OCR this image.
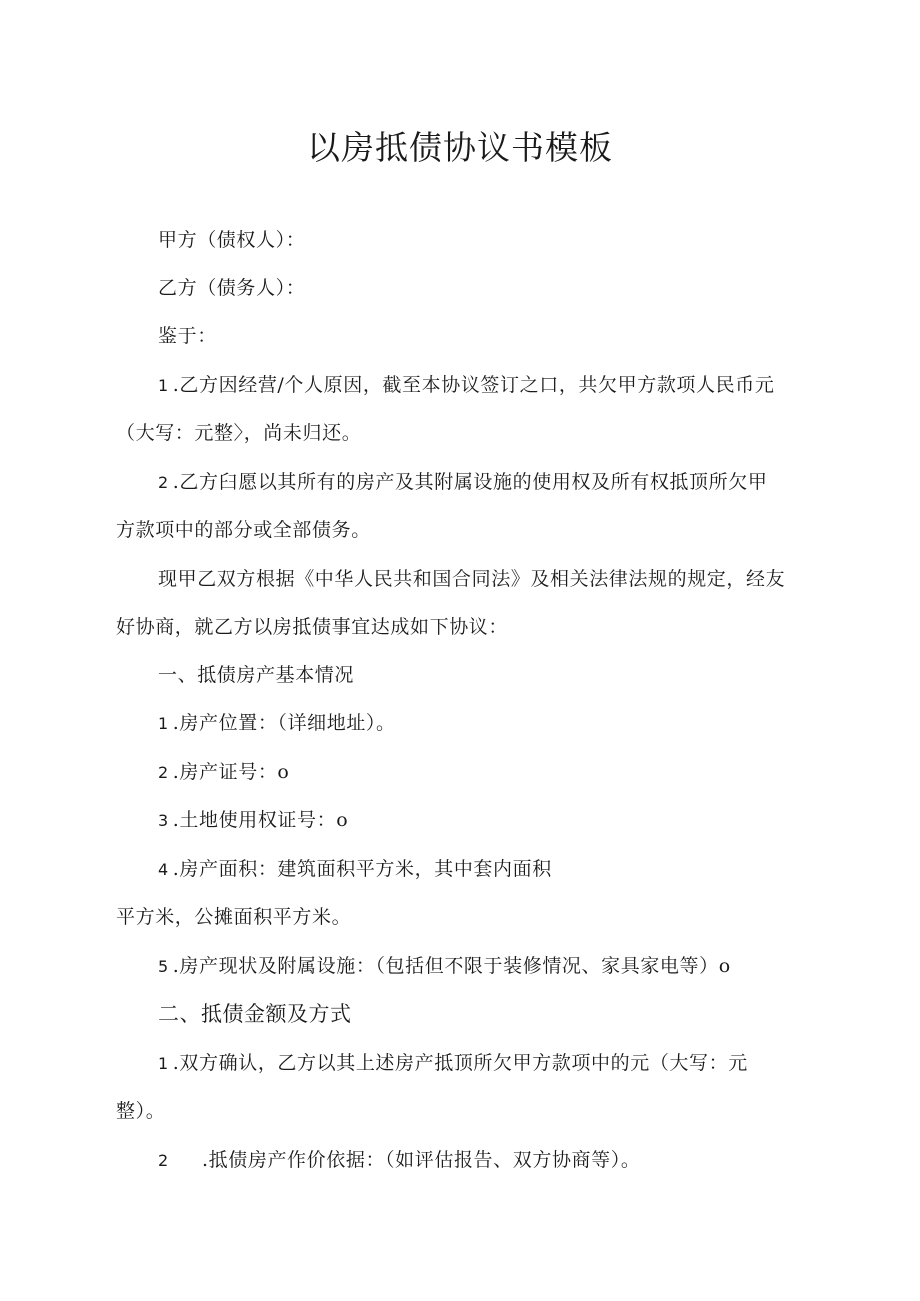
以房抵债协议书模板
甲方（债权人）：
乙方（债务人）：
鉴于：
1 .乙方因经营/个人原因，截至本协议签订之口，共欠甲方款项人民币元
（大写：元整〉，尚未归还。
2 .乙方臼愿以其所有的房产及其附属设施的使用权及所有权抵顶所欠甲
方款项中的部分或全部债务。
现甲乙双方根据《中华人民共和国合同法》及相关法律法规的规定，经友
好协商，就乙方以房抵债事宜达成如下协议：
一、抵债房产基本情况
1 .房产位置：（详细地址）。
2 .房产证号：o
3 .土地使用权证号：o
4 .房产面积：建筑面积平方米，其中套内面积
平方米，公摊面积平方米。
5 .房产现状及附属设施：（包括但不限于装修情况、家具家电等）o
二、抵债金额及方式
1 .双方确认，乙方以其上述房产抵顶所欠甲方款项中的元（大写：元
整）。
2 .抵债房产作价依据：（如评估报告、双方协商等）。
